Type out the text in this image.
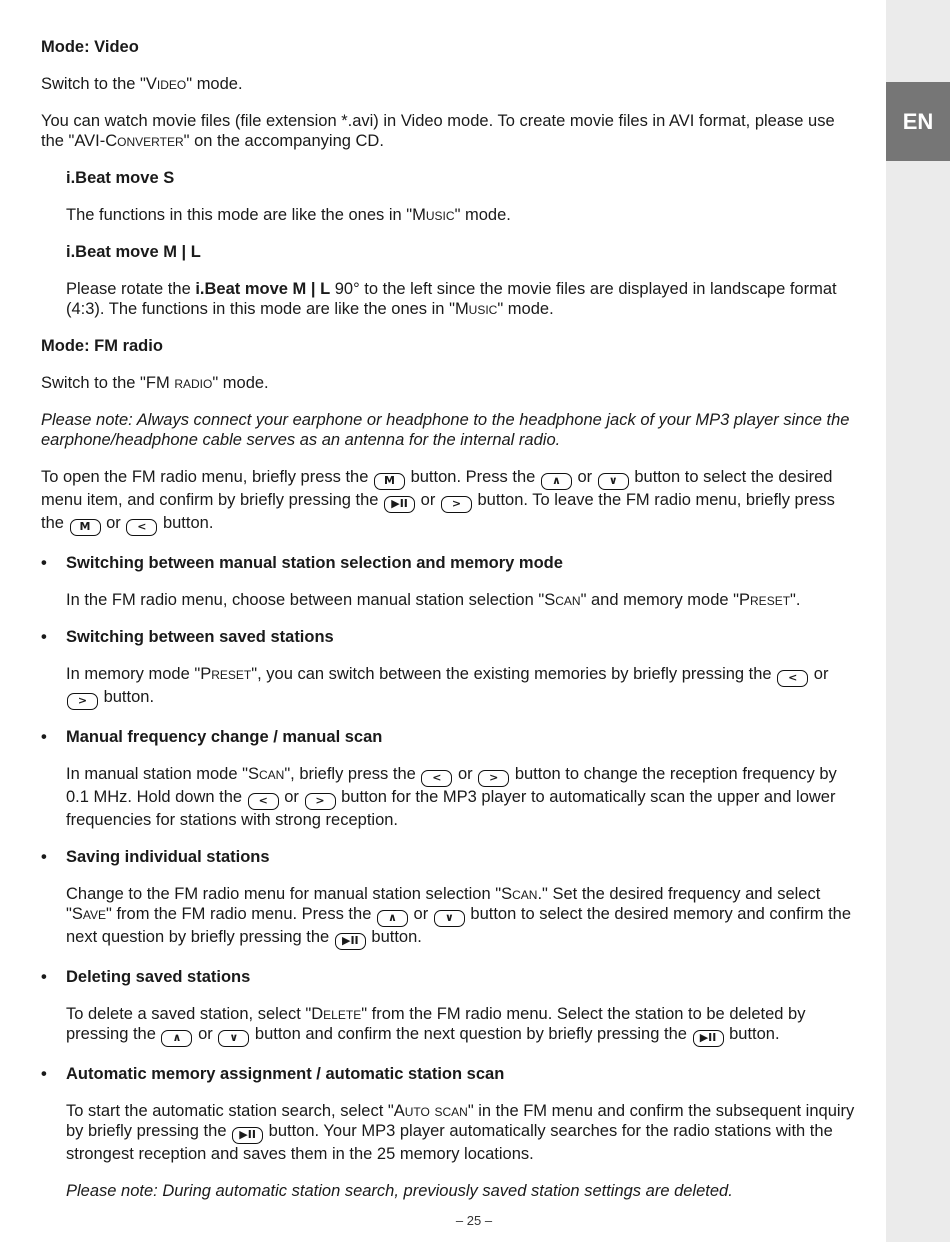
EN

Mode: Video

Switch to the "Video" mode.

You can watch movie files (file extension *.avi) in Video mode. To create movie files in AVI format, please use the "AVI-Converter" on the accompanying CD.

i.Beat move S

The functions in this mode are like the ones in "Music" mode.

i.Beat move M | L

Please rotate the i.Beat move M | L 90° to the left since the movie files are displayed in landscape format (4:3). The functions in this mode are like the ones in "Music" mode.

Mode: FM radio

Switch to the "FM radio" mode.

Please note: Always connect your earphone or headphone to the headphone jack of your MP3 player since the earphone/headphone cable serves as an antenna for the internal radio.

To open the FM radio menu, briefly press the M button. Press the ∧ or ∨ button to select the desired menu item, and confirm by briefly pressing the ▶II or > button. To leave the FM radio menu, briefly press the M or < button.

• Switching between manual station selection and memory mode

In the FM radio menu, choose between manual station selection "Scan" and memory mode "Preset".

• Switching between saved stations

In memory mode "Preset", you can switch between the existing memories by briefly pressing the < or > button.

• Manual frequency change / manual scan

In manual station mode "Scan", briefly press the < or > button to change the reception frequency by 0.1 MHz. Hold down the < or > button for the MP3 player to automatically scan the upper and lower frequencies for stations with strong reception.

• Saving individual stations

Change to the FM radio menu for manual station selection "Scan." Set the desired frequency and select "Save" from the FM radio menu. Press the ∧ or ∨ button to select the desired memory and confirm the next question by briefly pressing the ▶II button.

• Deleting saved stations

To delete a saved station, select "Delete" from the FM radio menu. Select the station to be deleted by pressing the ∧ or ∨ button and confirm the next question by briefly pressing the ▶II button.

• Automatic memory assignment / automatic station scan

To start the automatic station search, select "Auto scan" in the FM menu and confirm the subsequent inquiry by briefly pressing the ▶II button. Your MP3 player automatically searches for the radio stations with the strongest reception and saves them in the 25 memory locations.

Please note: During automatic station search, previously saved station settings are deleted.

– 25 –
